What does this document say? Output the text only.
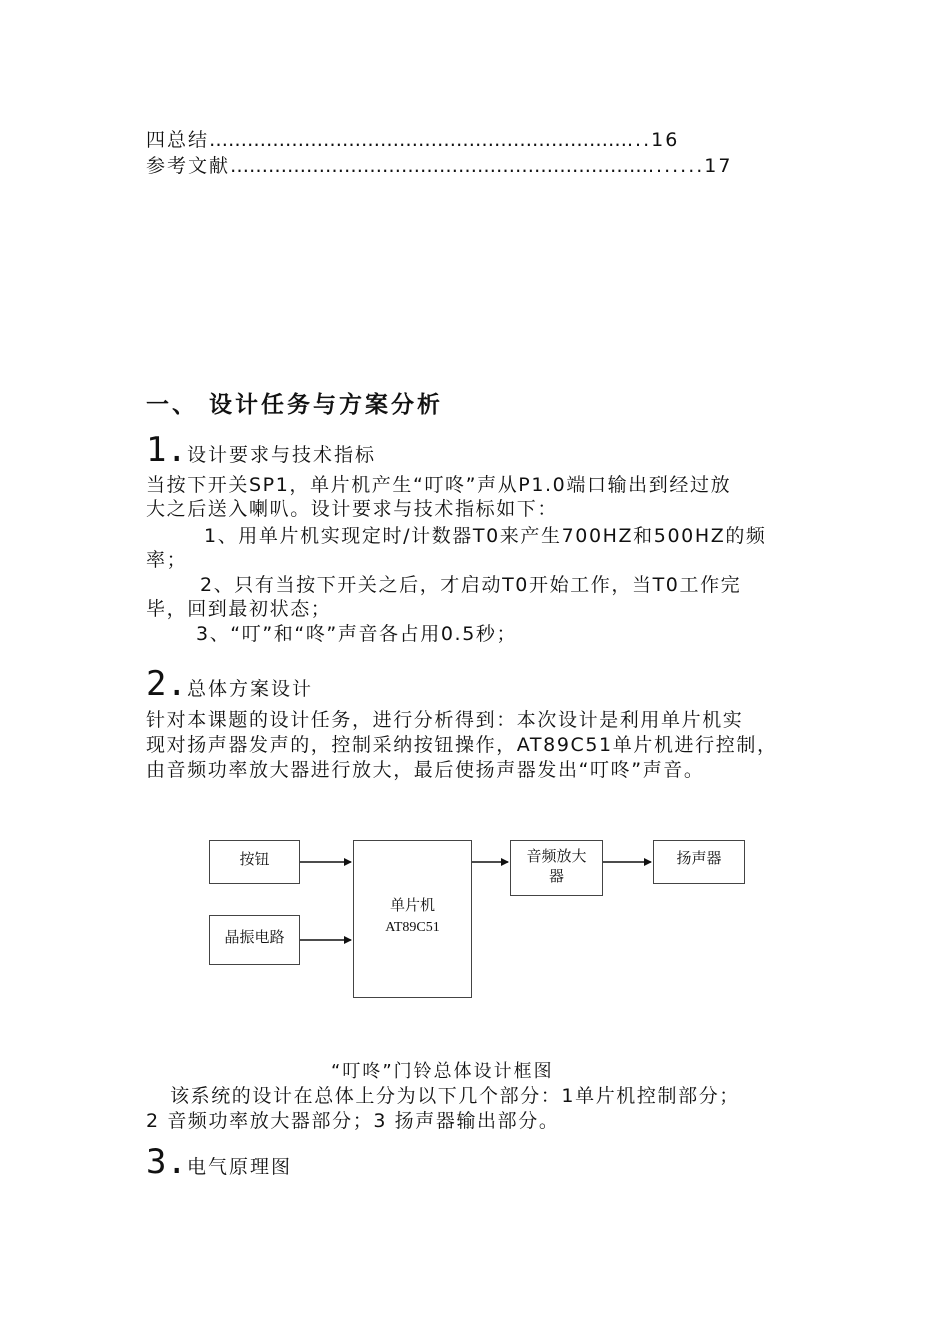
四总结…………………………………………………………...16
参考文献………………………………………………………….......17
一、 设计任务与方案分析
1.设计要求与技术指标
当按下开关SP1，单片机产生“叮咚”声从P1.0端口输出到经过放
大之后送入喇叭。设计要求与技术指标如下：
1、用单片机实现定时/计数器T0来产生700HZ和500HZ的频
率；
2、只有当按下开关之后，才启动T0开始工作，当T0工作完
毕，回到最初状态；
3、“叮”和“咚”声音各占用0.5秒；
2.总体方案设计
针对本课题的设计任务，进行分析得到：本次设计是利用单片机实
现对扬声器发声的，控制采纳按钮操作，AT89C51单片机进行控制，
由音频功率放大器进行放大，最后使扬声器发出“叮咚”声音。
按钮
晶振电路
单片机
AT89C51
音频放大
器
扬声器
“叮咚”门铃总体设计框图
该系统的设计在总体上分为以下几个部分：1单片机控制部分；
2 音频功率放大器部分；3 扬声器输出部分。
3.电气原理图
